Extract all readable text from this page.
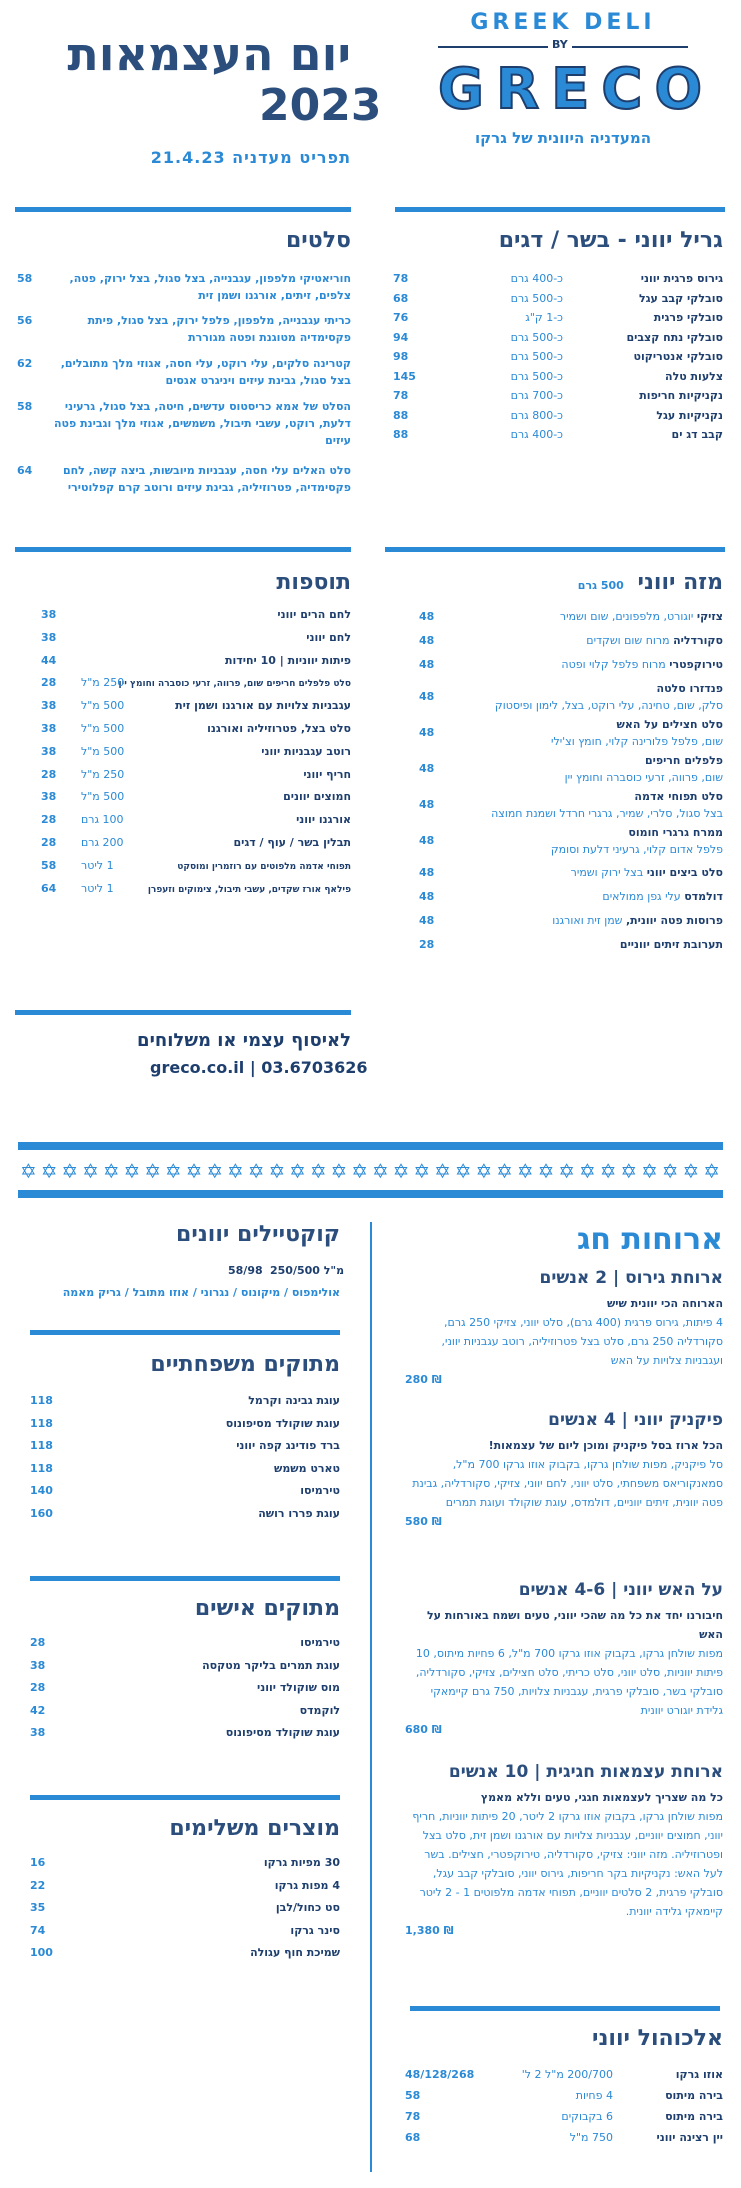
יום העצמאות
2023
תפריט מעדניה 21.4.23
GREEK DELI
BY
GRECO
המעדניה היוונית של גרקו
גריל יווני - בשר / דגים
סלטים
מזה יווני 500 גרם
תוספות
לאיסוף עצמי או משלוחים
greco.co.il | 03.6703626
✡ ✡ ✡ ✡ ✡ ✡ ✡ ✡ ✡ ✡ ✡ ✡ ✡ ✡ ✡ ✡ ✡ ✡ ✡ ✡ ✡ ✡ ✡ ✡ ✡ ✡ ✡ ✡ ✡ ✡ ✡ ✡ ✡ ✡
ארוחות חג
קוקטיילים יוונים
250/500 מ"ל
58/98
אולימפוס / מיקונוס / נגרוני / אוזו מתובל / גריק מאמה
מתוקים משפחתיים
מתוקים אישים
מוצרים משלימים
אלכוהול יווני
גירוס פרגית יווני
כ-400 גרם
78
סובלקי קבב עגל
כ-500 גרם
68
סובלקי פרגית
כ-1 ק"ג
76
סובלקי נתח קצבים
כ-500 גרם
94
סובלקי אנטריקוט
כ-500 גרם
98
צלעות טלה
כ-500 גרם
145
נקניקיות חריפות
כ-700 גרם
78
נקניקיות עגל
כ-800 גרם
88
קבב דג ים
כ-400 גרם
88
חוריאטיקי מלפפון, עגבנייה, בצל סגול, בצל ירוק, פטה, צלפים, זיתים, אורגנו ושמן זית
58
כריתי עגבנייה, מלפפון, פלפל ירוק, בצל סגול, פיתת פקסימדיה מטוגנת ופטה מגוררת
56
קטרינה סלקים, עלי רוקט, עלי חסה, אגוזי מלך מתובלים, בצל סגול, גבינת עיזים ויניגרט אגסים
62
הסלט של אמא כריסטוס עדשים, חיטה, בצל סגול, גרעיני דלעת, רוקט, עשבי תיבול, משמשים, אגוזי מלך וגבינת פטה עיזים
58
סלט האלים עלי חסה, עגבניות מיובשות, ביצה קשה, לחם פקסימדיה, פטרוזיליה, גבינת עיזים ורוטב קרם קפלוטירי
64
צזיקי יוגורט, מלפפונים, שום ושמיר
48
סקורדליה מרוח שום ושקדים
48
טירוקפטרי מרוח פלפל קלוי ופטה
48
פנדזרו סלטה
סלק, שום, טחינה, עלי רוקט, בצל, לימון ופיסטוק
48
סלט חצילים על האש
שום, פלפל פלורינה קלוי, חומץ וצ'ילי
48
פלפלים חריפים
שום, פרווה, זרעי כוסברה וחומץ יין
48
סלט תפוחי אדמה
בצל סגול, סלרי, שמיר, גרגרי חרדל ושמנת חמוצה
48
ממרח גרגרי חומוס
פלפל אדום קלוי, גרעיני דלעת וסומק
48
סלט ביצים יווני בצל ירוק ושמיר
48
דולמדס עלי גפן ממולאים
48
פרוסות פטה יוונית, שמן זית ואורגנו
48
תערובת זיתים יווניים
28
לחם הרים יווני
38
לחם יווני
38
פיתות יווניות | 10 יחידות
44
סלט פלפלים חריפים שום, פרווה, זרעי כוסברה וחומץ יין
250 מ"ל
28
עגבניות צלויות עם אורגנו ושמן זית
500 מ"ל
38
סלט בצל, פטרוזיליה ואורגנו
500 מ"ל
38
רוטב עגבניות יווני
500 מ"ל
38
חריף יווני
250 מ"ל
28
חמוצים יוונים
500 מ"ל
38
אורגנו יווני
100 גרם
28
תבלין בשר / עוף / דגים
200 גרם
28
תפוחי אדמה מלפוטים עם רוזמרין ומוסקט
1 ליטר
58
פילאף אורז שקדים, עשבי תיבול, צימוקים וזעפרן
1 ליטר
64
ארוחת גירוס | 2 אנשים
הארוחה הכי יוונית שיש
4 פיתות, גירוס פרגית (400 גרם), סלט יווני, צזיקי 250 גרם, סקורדליה 250 גרם, סלט בצל פטרוזיליה, רוטב עגבניות יווני, ועגבניות צלויות על האש
₪ 280
פיקניק יווני | 4 אנשים
הכל ארוז בסל פיקניק ומוכן ליום של עצמאות!
סל פיקניק, מפות שולחן גרקו, בקבוק אוזו גרקו 700 מ"ל, סמאנקוריאס משפחתי, סלט יווני, לחם יווני, צזיקי, סקורדליה, גבינת פטה יוונית, זיתים יווניים, דולמדס, עוגת שוקולד ועוגת תמרים
₪ 580
על האש יווני | 4-6 אנשים
חיבורנו יחד את כל מה שהכי יווני, טעים ושמח באורחות על האש
מפות שולחן גרקו, בקבוק אוזו גרקו 700 מ"ל, 6 פחיות מיתוס, 10 פיתות יווניות, סלט יווני, סלט כריתי, סלט חצילים, צזיקי, סקורדליה, סובלקי בשר, סובלקי פרגית, עגבניות צלויות, 750 גרם קיימאקי גלידת יוגורט יוונית
₪ 680
ארוחת עצמאות חגיגית | 10 אנשים
כל מה שצריך לעצמאות חגגי, טעים וללא מאמץ
מפות שולחן גרקו, בקבוק אוזו גרקו 2 ליטר, 20 פיתות יווניות, חריף יווני, חמוצים יווניים, עגבניות צלויות עם אורגנו ושמן זית, סלט בצל ופטרוזיליה. מזה יווני: צזיקי, סקורדליה, טירוקפטרי, חצילים. בשר לעל האש: נקניקיות בקר חריפות, גירוס יווני, סובלקי קבב עגל, סובלקי פרגית, 2 סלטים יווניים, תפוחי אדמה מלפוטים 1 - 2 ליטר קיימאקי גלידה יוונית.
₪ 1,380
עוגת גבינה וקרמל
118
עוגת שוקולד מסיפונוס
118
ברד פודינג קפה יווני
118
טארט משמש
118
טירמיסו
140
עוגת פררו רושה
160
טירמיסו
28
עוגת תמרים בליקר מטקסה
38
מוס שוקולד יווני
28
לוקמדס
42
עוגת שוקולד מסיפונוס
38
30 מפיות גרקו
16
4 מפות גרקו
22
סט כחול/לבן
35
סינר גרקו
74
שמיכת חוף עגולה
100
אוזו גרקו
200/700 מ"ל 2 ל'
48/128/268
בירה מיתוס
4 פחיות
58
בירה מיתוס
6 בקבוקים
78
יין רצינה יווני
750 מ"ל
68
